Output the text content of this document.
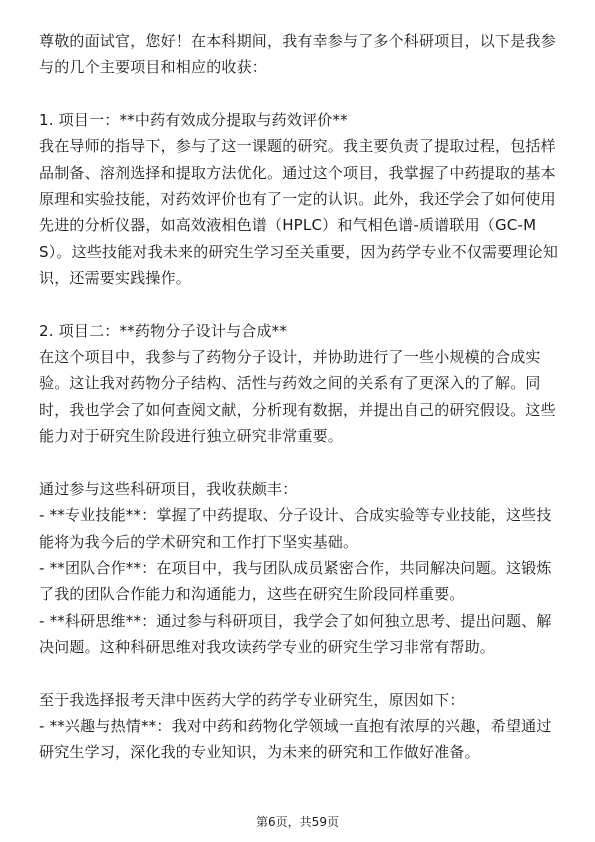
尊敬的面试官，您好！在本科期间，我有幸参与了多个科研项目，以下是我参与的几个主要项目和相应的收获：

1. 项目一：**中药有效成分提取与药效评价**

我在导师的指导下，参与了这一课题的研究。我主要负责了提取过程，包括样品制备、溶剂选择和提取方法优化。通过这个项目，我掌握了中药提取的基本原理和实验技能，对药效评价也有了一定的认识。此外，我还学会了如何使用先进的分析仪器，如高效液相色谱（HPLC）和气相色谱-质谱联用（GC-MS）。这些技能对我未来的研究生学习至关重要，因为药学专业不仅需要理论知识，还需要实践操作。

2. 项目二：**药物分子设计与合成**

在这个项目中，我参与了药物分子设计，并协助进行了一些小规模的合成实验。这让我对药物分子结构、活性与药效之间的关系有了更深入的了解。同时，我也学会了如何查阅文献，分析现有数据，并提出自己的研究假设。这些能力对于研究生阶段进行独立研究非常重要。

通过参与这些科研项目，我收获颇丰：

- **专业技能**：掌握了中药提取、分子设计、合成实验等专业技能，这些技能将为我今后的学术研究和工作打下坚实基础。

- **团队合作**：在项目中，我与团队成员紧密合作，共同解决问题。这锻炼了我的团队合作能力和沟通能力，这些在研究生阶段同样重要。

- **科研思维**：通过参与科研项目，我学会了如何独立思考、提出问题、解决问题。这种科研思维对我攻读药学专业的研究生学习非常有帮助。

至于我选择报考天津中医药大学的药学专业研究生，原因如下：

- **兴趣与热情**：我对中药和药物化学领域一直抱有浓厚的兴趣，希望通过研究生学习，深化我的专业知识，为未来的研究和工作做好准备。

第6页，共59页
